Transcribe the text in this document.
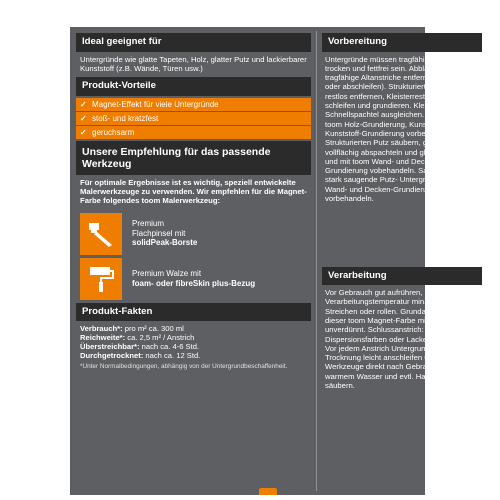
Ideal geeignet für
Untergründe wie glatte Tapeten, Holz, glatter Putz und lackierbarer Kunststoff (z.B. Wände, Türen usw.)
Produkt-Vorteile
✓ Magnet-Effekt für viele Untergründe
✓ stoß- und kratzfest
✓ geruchsarm
Unsere Empfehlung für das passende Werkzeug
Für optimale Ergebnisse ist es wichtig, speziell entwickelte Malerwerkzeuge zu verwenden. Wir empfehlen für die Magnet-Farbe folgendes toom Malerwerkzeug:
Premium
Flachpinsel mit
solidPeak-Borste
Premium Walze mit
foam- oder fibreSkin plus-Bezug
Produkt-Fakten
Verbrauch*: pro m² ca. 300 ml
Reichweite*: ca. 2,5 m² / Anstrich
Überstreichbar*: nach ca. 4-6 Std.
Durchgetrocknet: nach ca. 12 Std.
*Unter Normalbedingungen, abhängig von der Untergrundbeschaffenheit.
Vorbereitung
Untergründe müssen tragfähig, sauber, trocken und fettfrei sein. Abblätternde, nicht tragfähige Altanstriche entfernen (abbeizen oder abschleifen). Strukturierte Tapeten: restlos entfernen, Kleisterreste abwaschen, schleifen und grundieren. Kleine Risse mit Schnellspachtel ausgleichen. Rohes Holz mit toom Holz-Grundierung, Kunststoff mit toom Kunststoff-Grundierung vorbehandeln. Strukturierten Putz säubern, ggf. entgraten, vollflächig abspachteln und glätten, schleifen und mit toom Wand- und Decken-Grundierung vobehandeln. Sandende bzw. stark saugende Putz- Untergründe mit toom Wand- und Decken-Grundierung vorbehandeln.
Verarbeitung
Vor Gebrauch gut aufrühren, Objekt- und Verarbeitungstemperatur min. +7 °C. Streichen oder rollen. Grundanstrich: Mit dieser toom Magnet-Farbe min. 3-mal unverdünnt. Schlussanstrich: Mit toom Dispersionsfarben oder Lacken 1 bis 2-mal. Vor jedem Anstrich Untergrund nach Trocknung leicht anschleifen und reinigen. Werkzeuge direkt nach Gebrauch mit warmem Wasser und evtl. Haushaltsreiniger säubern.
